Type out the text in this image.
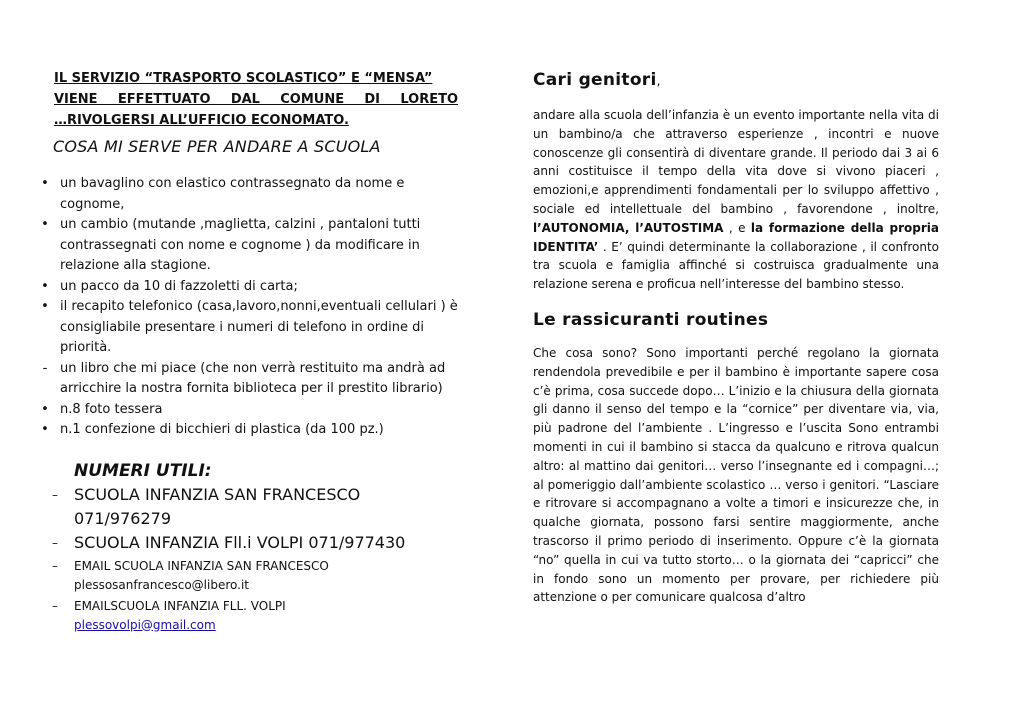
IL SERVIZIO “TRASPORTO SCOLASTICO” E “MENSA”
VIENE EFFETTUATO DAL COMUNE DI LORETO
…RIVOLGERSI ALL’UFFICIO ECONOMATO.
COSA MI SERVE PER ANDARE A SCUOLA
• un bavaglino con elastico contrassegnato da nome e cognome,
• un cambio (mutande ,maglietta, calzini , pantaloni tutti contrassegnati con nome e cognome ) da modificare in relazione alla stagione.
• un pacco da 10 di fazzoletti di carta;
• il recapito telefonico (casa,lavoro,nonni,eventuali cellulari ) è consigliabile presentare i numeri di telefono in ordine di priorità.
- un libro che mi piace (che non verrà restituito ma andrà ad arricchire la nostra fornita biblioteca per il prestito librario)
• n.8 foto tessera
• n.1 confezione di bicchieri di plastica (da 100 pz.)
NUMERI UTILI:
– SCUOLA INFANZIA SAN FRANCESCO
071/976279
– SCUOLA INFANZIA Fll.i VOLPI 071/977430
– EMAIL SCUOLA INFANZIA SAN FRANCESCO
plessosanfrancesco@libero.it
– EMAILSCUOLA INFANZIA FLL. VOLPI
plessovolpi@gmail.com
Cari genitori,

andare alla scuola dell’infanzia è un evento importante nella vita di un bambino/a che attraverso esperienze , incontri e nuove conoscenze gli consentirà di diventare grande. Il periodo dai 3 ai 6 anni costituisce il tempo della vita dove si vivono piaceri , emozioni,e apprendimenti fondamentali per lo sviluppo affettivo , sociale ed intellettuale del bambino , favorendone , inoltre, l’AUTONOMIA, l’AUTOSTIMA , e la formazione della propria IDENTITA’ . E’ quindi determinante la collaborazione , il confronto tra scuola e famiglia affinché si costruisca gradualmente una relazione serena e proficua nell’interesse del bambino stesso.

Le rassicuranti routines

Che cosa sono? Sono importanti perché regolano la giornata rendendola prevedibile e per il bambino è importante sapere cosa c’è prima, cosa succede dopo… L’inizio e la chiusura della giornata gli danno il senso del tempo e la “cornice” per diventare via, via, più padrone del l’ambiente . L’ingresso e l’uscita Sono entrambi momenti in cui il bambino si stacca da qualcuno e ritrova qualcun altro: al mattino dai genitori… verso l’insegnante ed i compagni…; al pomeriggio dall’ambiente scolastico … verso i genitori. “Lasciare e ritrovare si accompagnano a volte a timori e insicurezze che, in qualche giornata, possono farsi sentire maggiormente, anche trascorso il primo periodo di inserimento. Oppure c’è la giornata “no” quella in cui va tutto storto… o la giornata dei “capricci” che in fondo sono un momento per provare, per richiedere più attenzione o per comunicare qualcosa d’altro
